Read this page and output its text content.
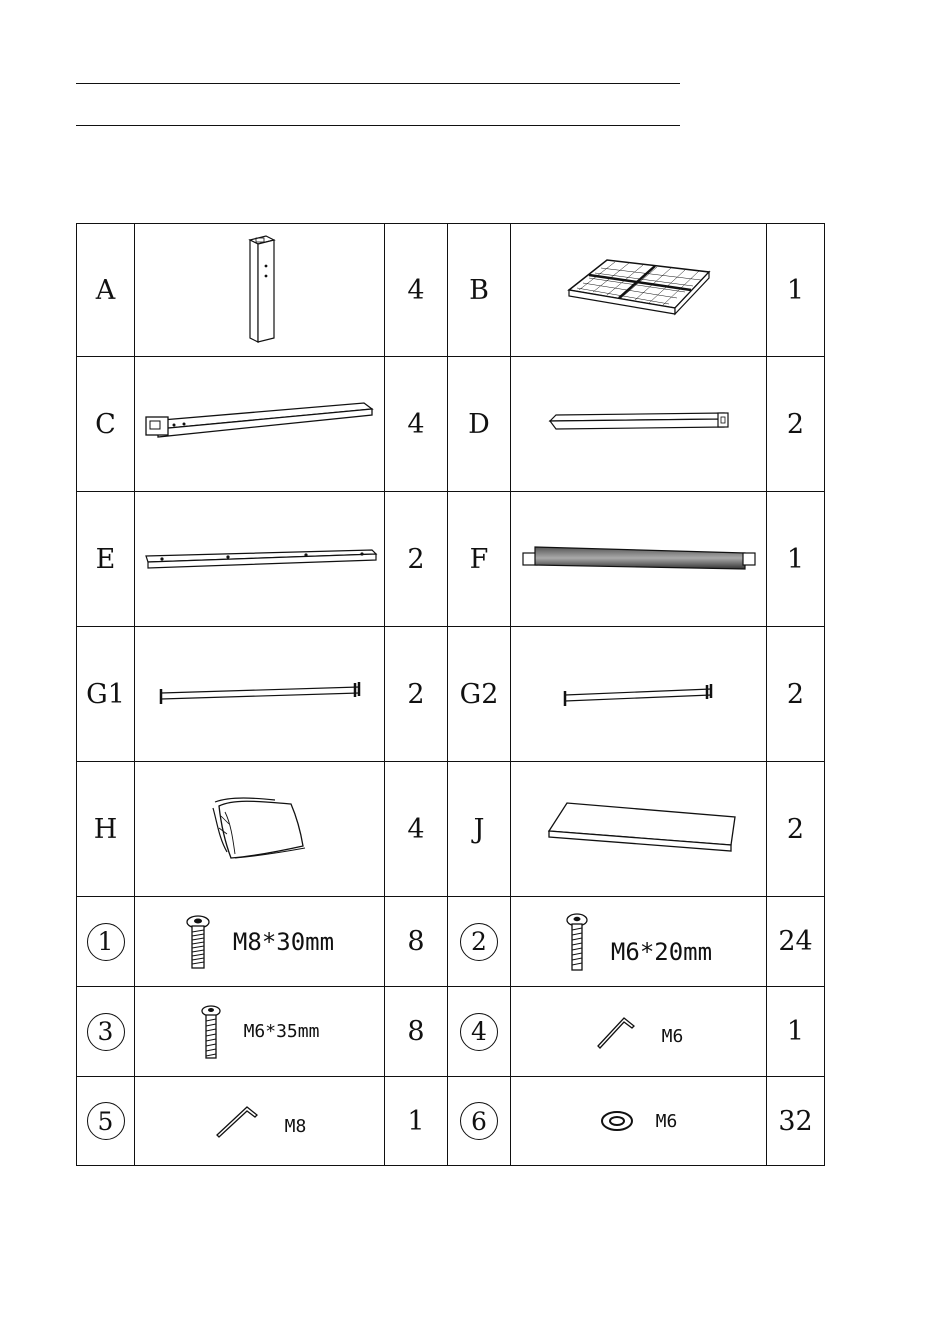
A		4	B		1
C		4	D		2
E		2	F		1
G1		2	G2		2
H		4	J		2
1	M8*30mm	8	2	M6*20mm	24
3	M6*35mm	8	4	M6	1
5	M8	1	6	M6	32
